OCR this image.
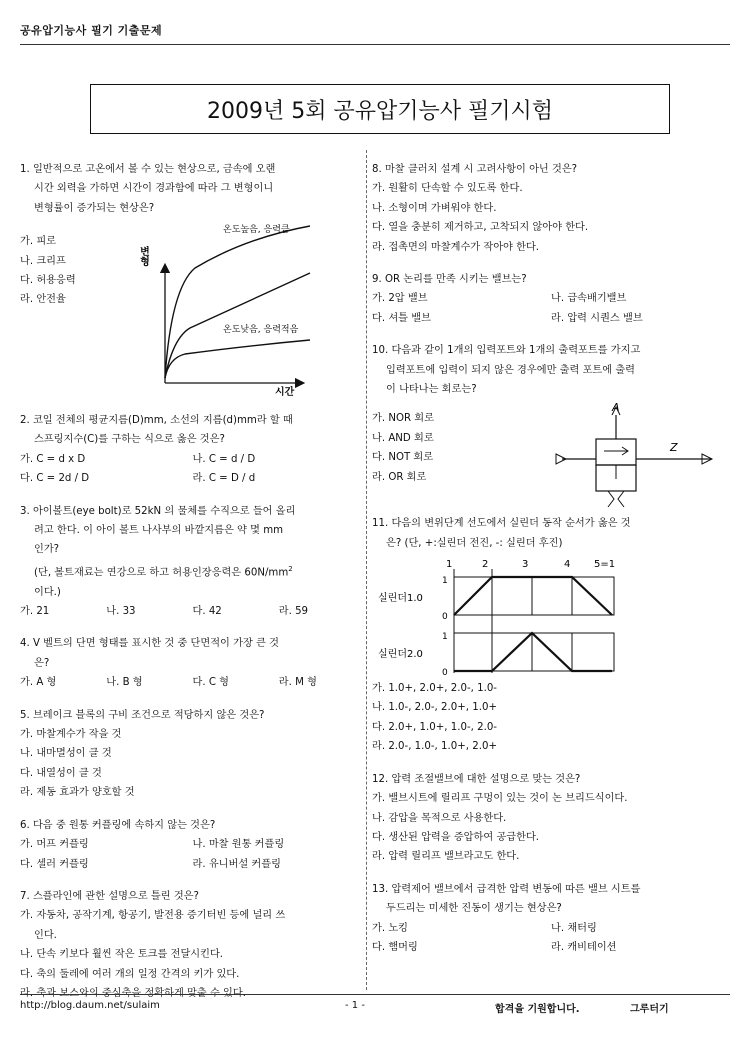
공유압기능사 필기 기출문제
2009년 5회 공유압기능사 필기시험
1. 일반적으로 고온에서 볼 수 있는 현상으로, 금속에 오랜
시간 외력을 가하면 시간이 경과함에 따라 그 변형이니
변형률이 증가되는 현상은?
가. 피로
나. 크리프
다. 허용응력
라. 안전율
온도높음, 응력큼
온도낮음, 응력적음
변형
시간
2. 코일 전체의 평균지름(D)mm, 소선의 지름(d)mm라 할 때
스프링지수(C)를 구하는 식으로 옳은 것은?
가. C = d x D	나. C = d / D
다. C = 2d / D	라. C = D / d
3. 아이볼트(eye bolt)로 52kN 의 물체를 수직으로 들어 올리
려고 한다. 이 아이 볼트 나사부의 바깥지름은 약 몇 mm
인가?
(단, 볼트재료는 연강으로 하고 허용인장응력은 $60N/mm^2$
이다.)
가. 21	나. 33	다. 42	라. 59
4. V 벨트의 단면 형태를 표시한 것 중 단면적이 가장 큰 것
은?
가. A 형	나. B 형	다. C 형	라. M 형
5. 브레이크 블록의 구비 조건으로 적당하지 않은 것은?
가. 마찰계수가 작을 것
나. 내마멸성이 클 것
다. 내열성이 클 것
라. 제동 효과가 양호할 것
6. 다음 중 원통 커플링에 속하지 않는 것은?
가. 머프 커플링	나. 마찰 원통 커플링
다. 셀러 커플링	라. 유니버설 커플링
7. 스플라인에 관한 설명으로 틀린 것은?
가. 자동차, 공작기계, 항공기, 발전용 증기터빈 등에 널리 쓰
인다.
나. 단속 키보다 훨씬 작은 토크를 전달시킨다.
다. 축의 둘레에 여러 개의 일정 간격의 키가 있다.
라. 축과 보스와의 중심축을 정확하게 맞출 수 있다.
8. 마찰 클러치 설계 시 고려사항이 아닌 것은?
가. 원활히 단속할 수 있도록 한다.
나. 소형이며 가벼워야 한다.
다. 열을 충분히 제거하고, 고착되지 않아야 한다.
라. 접촉면의 마찰계수가 작아야 한다.
9. OR 논리를 만족 시키는 밸브는?
가. 2압 밸브	나. 급속배기밸브
다. 셔틀 밸브	라. 압력 시퀀스 밸브
10. 다음과 같이 1개의 입력포트와 1개의 출력포트를 가지고
입력포트에 입력이 되지 않은 경우에만 출력 포트에 출력
이 나타나는 회로는?
가. NOR 회로
나. AND 회로
다. NOT 회로
라. OR 회로
A
Z
11. 다음의 변위단계 선도에서 실린더 동작 순서가 옳은 것
은? (단, +:실린더 전진, -: 실린더 후진)
1	2	3	4 5=1
1
0
실린더1.0
1
0
실린더2.0
가. 1.0+, 2.0+, 2.0-, 1.0-
나. 1.0-, 2.0-, 2.0+, 1.0+
다. 2.0+, 1.0+, 1.0-, 2.0-
라. 2.0-, 1.0-, 1.0+, 2.0+
12. 압력 조절밸브에 대한 설명으로 맞는 것은?
가. 밸브시트에 릴리프 구멍이 있는 것이 논 브리드식이다.
나. 감압을 목적으로 사용한다.
다. 생산된 압력을 증압하여 공급한다.
라. 압력 릴리프 밸브라고도 한다.
13. 압력제어 밸브에서 급격한 압력 변동에 따른 밸브 시트를
두드리는 미세한 진동이 생기는 현상은?
가. 노킹	나. 채터링
다. 햄머링	라. 캐비테이션
http://blog.daum.net/sulaim	- 1 -	합격을 기원합니다.	그루터기
